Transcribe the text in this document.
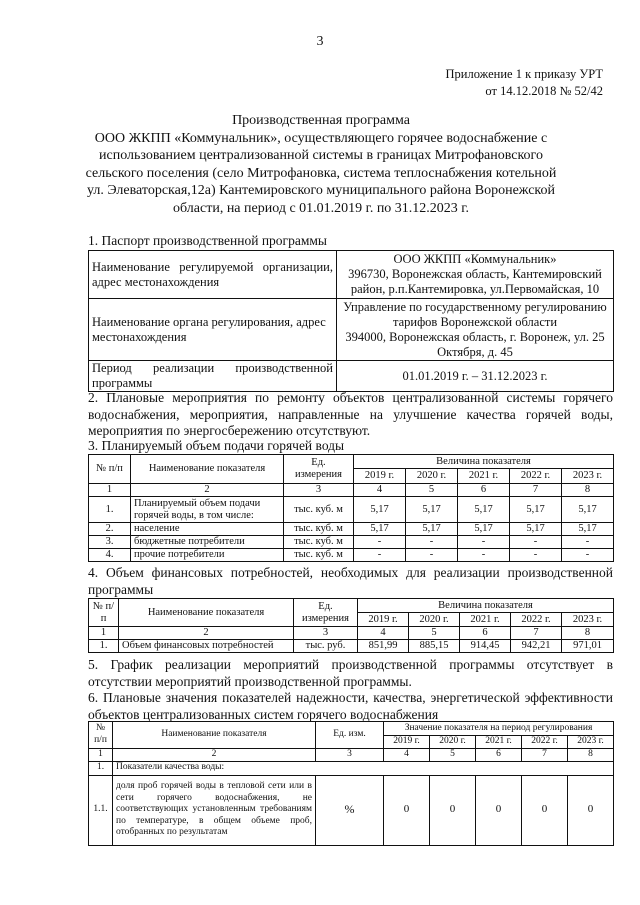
3
Приложение 1 к приказу УРТ
от 14.12.2018 № 52/42
Производственная программа
ООО ЖКПП «Коммунальник», осуществляющего горячее водоснабжение с
использованием централизованной системы в границах Митрофановского
сельского поселения (село Митрофановка, система теплоснабжения котельной
ул. Элеваторская,12а) Кантемировского муниципального района Воронежской
области, на период с 01.01.2019 г. по 31.12.2023 г.
1. Паспорт производственной программы
Наименование регулируемой организации, адрес местонахождения	ООО ЖКПП «Коммунальник»
396730, Воронежская область, Кантемировский район, р.п.Кантемировка, ул.Первомайская, 10

Наименование органа регулирования, адрес местонахождения	Управление по государственному регулированию тарифов Воронежской области
394000, Воронежская область, г. Воронеж, ул. 25 Октября, д. 45

Период реализации производственной программы	01.01.2019 г. – 31.12.2023 г.
2. Плановые мероприятия по ремонту объектов централизованной системы горячего водоснабжения, мероприятия, направленные на улучшение качества горячей воды, мероприятия по энергосбережению отсутствуют.
3. Планируемый объем подачи горячей воды
№ п/п	Наименование показателя	Ед. измерения	Величина показателя				
			2019 г.	2020 г.	2021 г.	2022 г.	2023 г.
1	2	3	4	5	6	7	8
1.	Планируемый объем подачи горячей воды, в том числе:	тыс. куб. м	5,17	5,17	5,17	5,17	5,17
2.	население	тыс. куб. м	5,17	5,17	5,17	5,17	5,17
3.	бюджетные потребители	тыс. куб. м	-	-	-	-	-
4.	прочие потребители	тыс. куб. м	-	-	-	-	-
4. Объем финансовых потребностей, необходимых для реализации производственной программы
№ п/п	Наименование показателя	Ед. измерения	Величина показателя				
			2019 г.	2020 г.	2021 г.	2022 г.	2023 г.
1	2	3	4	5	6	7	8
1.	Объем финансовых потребностей	тыс. руб.	851,99	885,15	914,45	942,21	971,01
5. График реализации мероприятий производственной программы отсутствует в отсутствии мероприятий производственной программы.
6. Плановые значения показателей надежности, качества, энергетической эффективности объектов централизованных систем горячего водоснабжения
№ п/п	Наименование показателя	Ед. изм.	Значение показателя на период регулирования				
			2019 г.	2020 г.	2021 г.	2022 г.	2023 г.
1	2	3	4	5	6	7	8
1.	Показатели качества воды:						
1.1.	доля проб горячей воды в тепловой сети или в сети горячего водоснабжения, не соответствующих установленным требованиям по температуре, в общем объеме проб, отобранных по результатам	%	0	0	0	0	0
